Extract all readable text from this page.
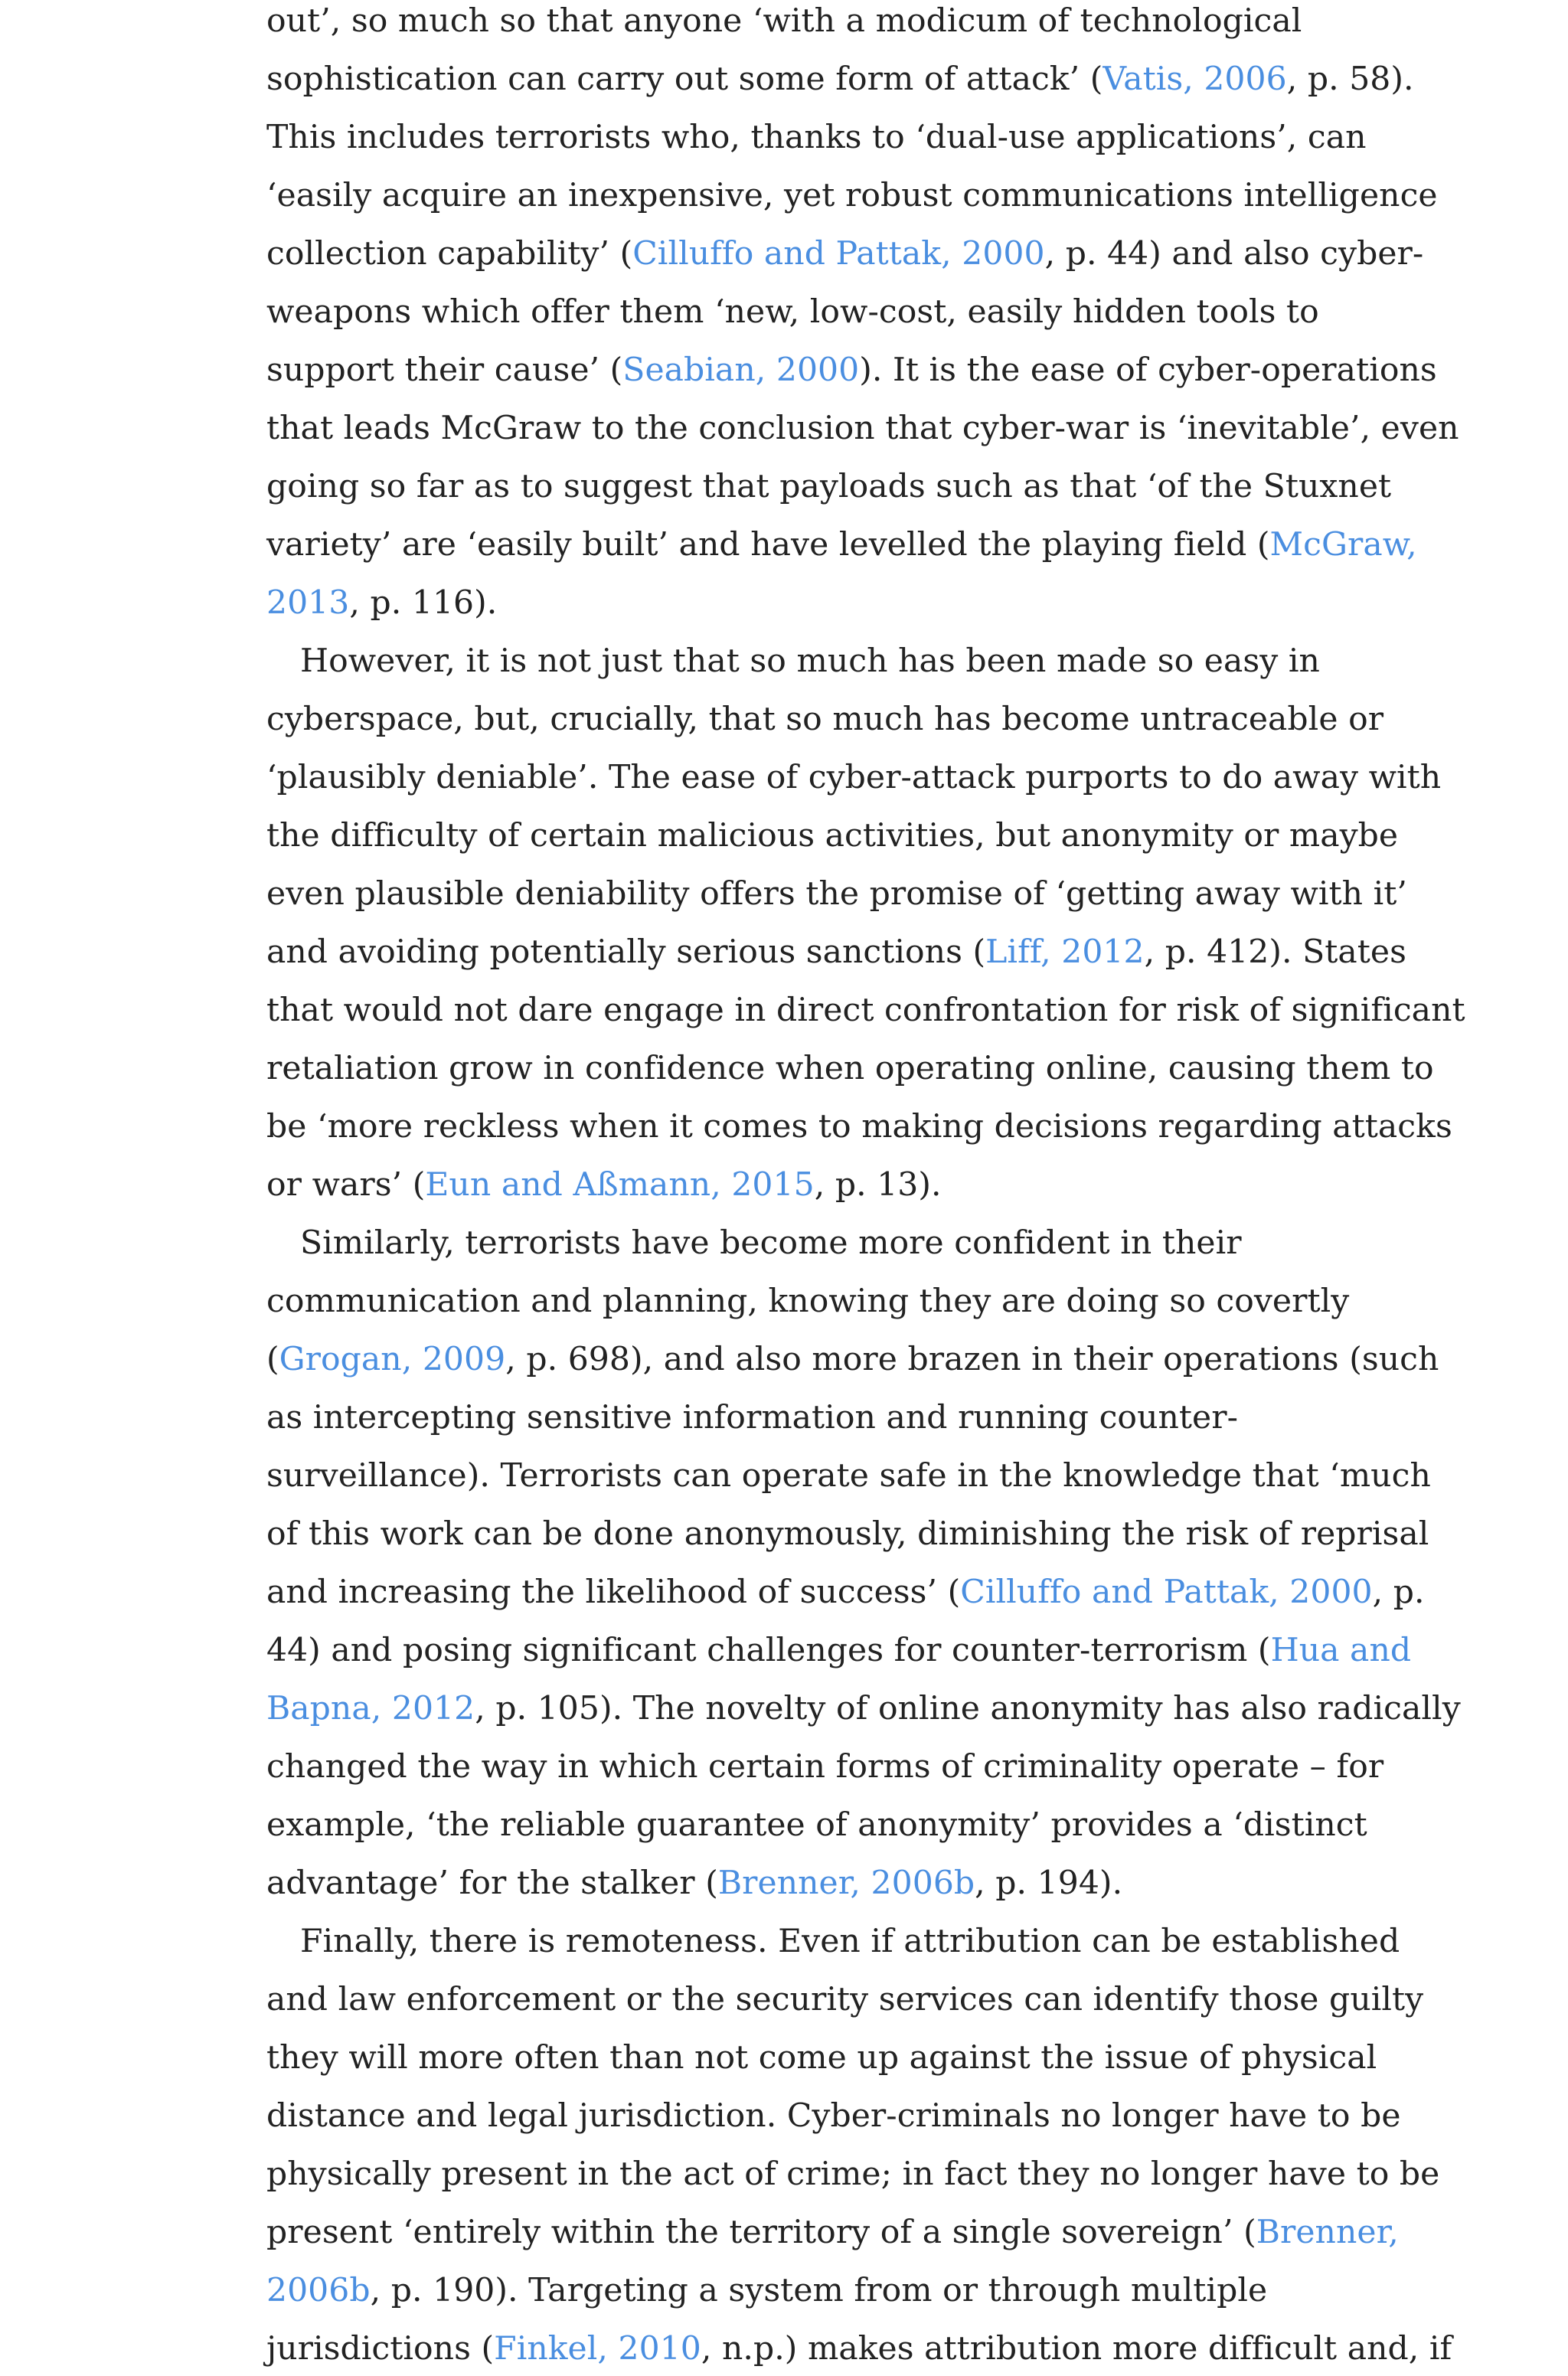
out’, so much so that anyone ‘with a modicum of technological
sophistication can carry out some form of attack’ (Vatis, 2006, p. 58).
This includes terrorists who, thanks to ‘dual-use applications’, can
‘easily acquire an inexpensive, yet robust communications intelligence
collection capability’ (Cilluffo and Pattak, 2000, p. 44) and also cyber-
weapons which offer them ‘new, low-cost, easily hidden tools to
support their cause’ (Seabian, 2000). It is the ease of cyber-operations
that leads McGraw to the conclusion that cyber-war is ‘inevitable’, even
going so far as to suggest that payloads such as that ‘of the Stuxnet
variety’ are ‘easily built’ and have levelled the playing field (McGraw,
2013, p. 116).
However, it is not just that so much has been made so easy in
cyberspace, but, crucially, that so much has become untraceable or
‘plausibly deniable’. The ease of cyber-attack purports to do away with
the difficulty of certain malicious activities, but anonymity or maybe
even plausible deniability offers the promise of ‘getting away with it’
and avoiding potentially serious sanctions (Liff, 2012, p. 412). States
that would not dare engage in direct confrontation for risk of significant
retaliation grow in confidence when operating online, causing them to
be ‘more reckless when it comes to making decisions regarding attacks
or wars’ (Eun and Aßmann, 2015, p. 13).
Similarly, terrorists have become more confident in their
communication and planning, knowing they are doing so covertly
(Grogan, 2009, p. 698), and also more brazen in their operations (such
as intercepting sensitive information and running counter-
surveillance). Terrorists can operate safe in the knowledge that ‘much
of this work can be done anonymously, diminishing the risk of reprisal
and increasing the likelihood of success’ (Cilluffo and Pattak, 2000, p.
44) and posing significant challenges for counter-terrorism (Hua and
Bapna, 2012, p. 105). The novelty of online anonymity has also radically
changed the way in which certain forms of criminality operate – for
example, ‘the reliable guarantee of anonymity’ provides a ‘distinct
advantage’ for the stalker (Brenner, 2006b, p. 194).
Finally, there is remoteness. Even if attribution can be established
and law enforcement or the security services can identify those guilty
they will more often than not come up against the issue of physical
distance and legal jurisdiction. Cyber-criminals no longer have to be
physically present in the act of crime; in fact they no longer have to be
present ‘entirely within the territory of a single sovereign’ (Brenner,
2006b, p. 190). Targeting a system from or through multiple
jurisdictions (Finkel, 2010, n.p.) makes attribution more difficult and, if
